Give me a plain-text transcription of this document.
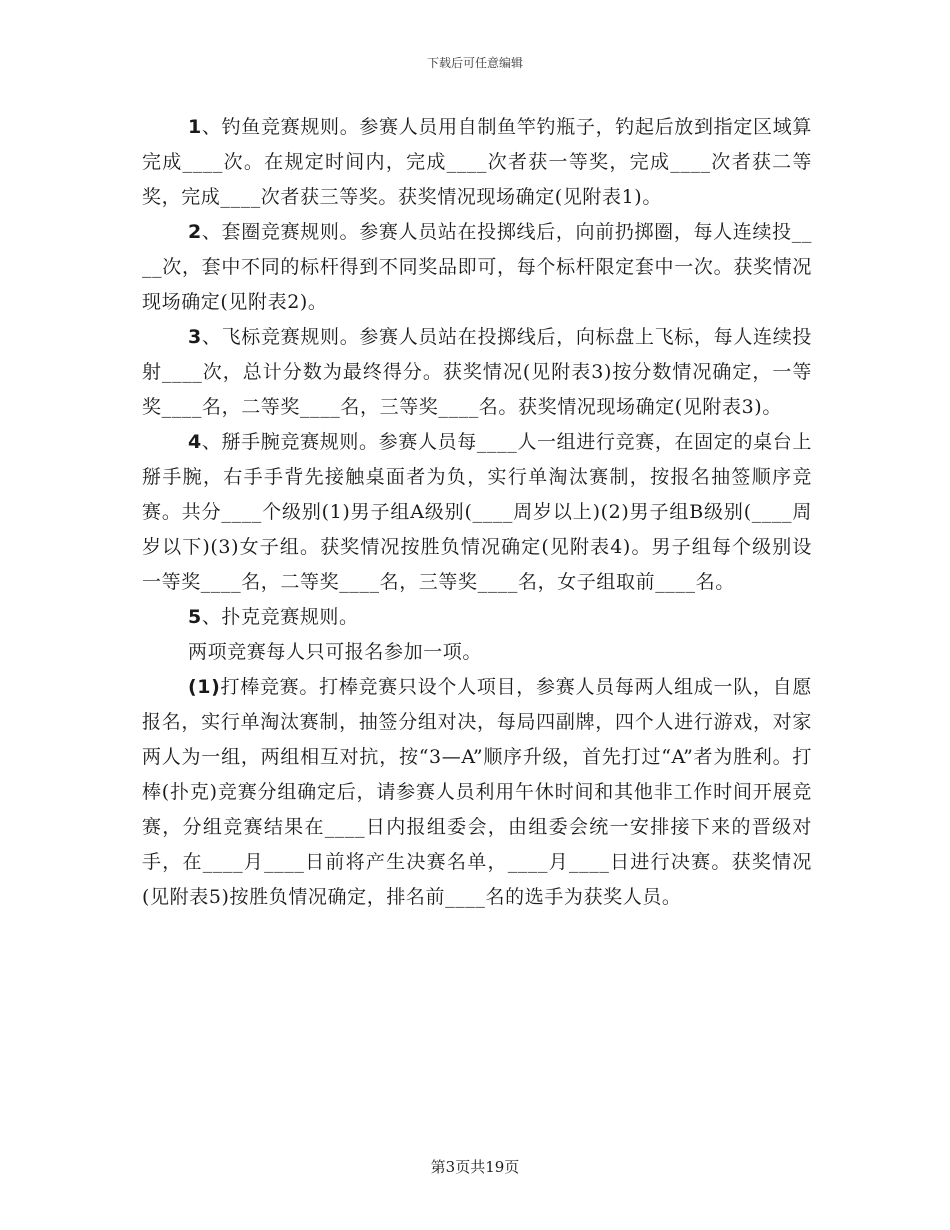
下载后可任意编辑

1、钓鱼竞赛规则。参赛人员用自制鱼竿钓瓶子，钓起后放到指定区域算完成____次。在规定时间内，完成____次者获一等奖，完成____次者获二等奖，完成____次者获三等奖。获奖情况现场确定(见附表1)。

2、套圈竞赛规则。参赛人员站在投掷线后，向前扔掷圈，每人连续投____次，套中不同的标杆得到不同奖品即可，每个标杆限定套中一次。获奖情况现场确定(见附表2)。

3、飞标竞赛规则。参赛人员站在投掷线后，向标盘上飞标，每人连续投射____次，总计分数为最终得分。获奖情况(见附表3)按分数情况确定，一等奖____名，二等奖____名，三等奖____名。获奖情况现场确定(见附表3)。

4、掰手腕竞赛规则。参赛人员每____人一组进行竞赛，在固定的桌台上掰手腕，右手手背先接触桌面者为负，实行单淘汰赛制，按报名抽签顺序竞赛。共分____个级别(1)男子组A级别(____周岁以上)(2)男子组B级别(____周岁以下)(3)女子组。获奖情况按胜负情况确定(见附表4)。男子组每个级别设一等奖____名，二等奖____名，三等奖____名，女子组取前____名。

5、扑克竞赛规则。

两项竞赛每人只可报名参加一项。

(1)打棒竞赛。打棒竞赛只设个人项目，参赛人员每两人组成一队，自愿报名，实行单淘汰赛制，抽签分组对决，每局四副牌，四个人进行游戏，对家两人为一组，两组相互对抗，按“3—A”顺序升级，首先打过“A”者为胜利。打棒(扑克)竞赛分组确定后，请参赛人员利用午休时间和其他非工作时间开展竞赛，分组竞赛结果在____日内报组委会，由组委会统一安排接下来的晋级对手，在____月____日前将产生决赛名单，____月____日进行决赛。获奖情况(见附表5)按胜负情况确定，排名前____名的选手为获奖人员。

第3页共19页
